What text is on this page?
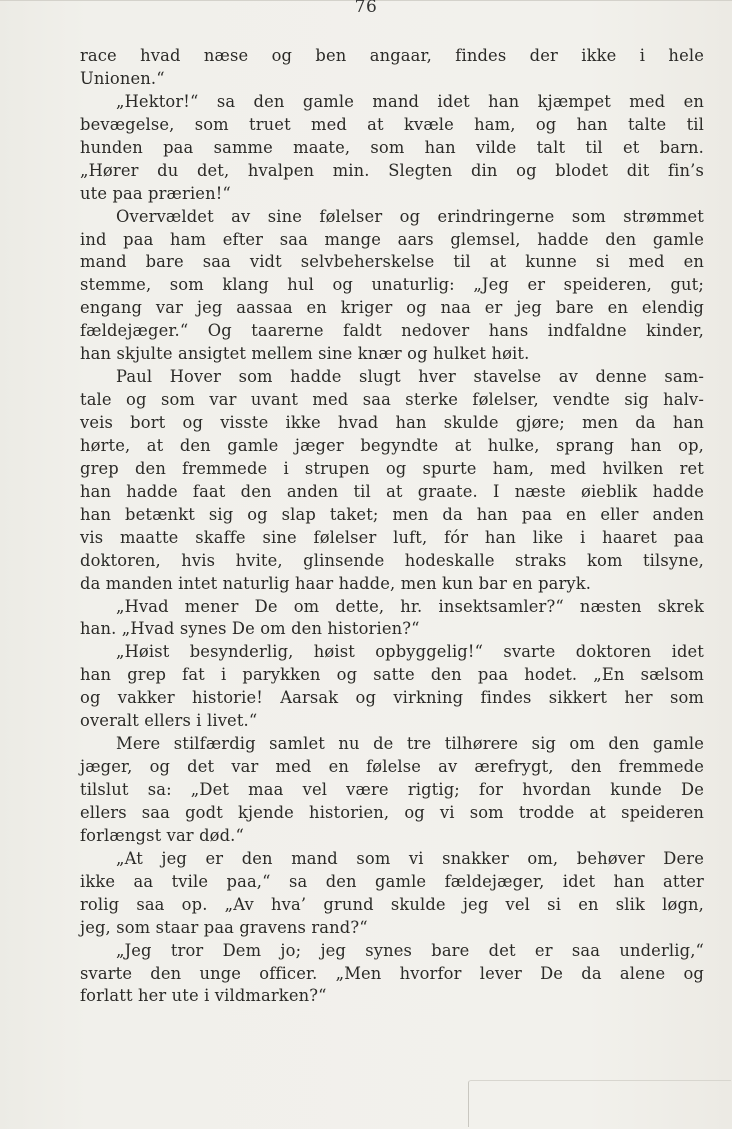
76
race hvad næse og ben angaar, findes der ikke i hele
Unionen.“
„Hektor!“ sa den gamle mand idet han kjæmpet med en
bevægelse, som truet med at kvæle ham, og han talte til
hunden paa samme maate, som han vilde talt til et barn.
„Hører du det, hvalpen min. Slegten din og blodet dit fin’s
ute paa prærien!“
Overvældet av sine følelser og erindringerne som strømmet
ind paa ham efter saa mange aars glemsel, hadde den gamle
mand bare saa vidt selvbeherskelse til at kunne si med en
stemme, som klang hul og unaturlig: „Jeg er speideren, gut;
engang var jeg aassaa en kriger og naa er jeg bare en elendig
fældejæger.“ Og taarerne faldt nedover hans indfaldne kinder,
han skjulte ansigtet mellem sine knær og hulket høit.
Paul Hover som hadde slugt hver stavelse av denne sam-
tale og som var uvant med saa sterke følelser, vendte sig halv-
veis bort og visste ikke hvad han skulde gjøre; men da han
hørte, at den gamle jæger begyndte at hulke, sprang han op,
grep den fremmede i strupen og spurte ham, med hvilken ret
han hadde faat den anden til at graate. I næste øieblik hadde
han betænkt sig og slap taket; men da han paa en eller anden
vis maatte skaffe sine følelser luft, fór han like i haaret paa
doktoren, hvis hvite, glinsende hodeskalle straks kom tilsyne,
da manden intet naturlig haar hadde, men kun bar en paryk.
„Hvad mener De om dette, hr. insektsamler?“ næsten skrek
han. „Hvad synes De om den historien?“
„Høist besynderlig, høist opbyggelig!“ svarte doktoren idet
han grep fat i parykken og satte den paa hodet. „En sælsom
og vakker historie! Aarsak og virkning findes sikkert her som
overalt ellers i livet.“
Mere stilfærdig samlet nu de tre tilhørere sig om den gamle
jæger, og det var med en følelse av ærefrygt, den fremmede
tilslut sa: „Det maa vel være rigtig; for hvordan kunde De
ellers saa godt kjende historien, og vi som trodde at speideren
forlængst var død.“
„At jeg er den mand som vi snakker om, behøver Dere
ikke aa tvile paa,“ sa den gamle fældejæger, idet han atter
rolig saa op. „Av hva’ grund skulde jeg vel si en slik løgn,
jeg, som staar paa gravens rand?“
„Jeg tror Dem jo; jeg synes bare det er saa underlig,“
svarte den unge officer. „Men hvorfor lever De da alene og
forlatt her ute i vildmarken?“
